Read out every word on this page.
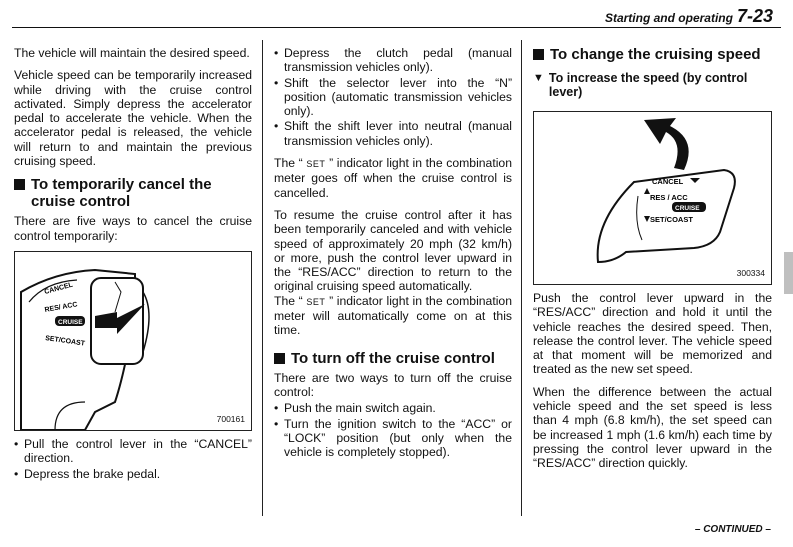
Starting and operating 7-23

The vehicle will maintain the desired speed.

Vehicle speed can be temporarily increased while driving with the cruise control activated. Simply depress the accelerator pedal to accelerate the vehicle. When the accelerator pedal is released, the vehicle will return to and maintain the previous cruising speed.

To temporarily cancel the cruise control

There are five ways to cancel the cruise control temporarily:

CANCEL
RES/ ACC
CRUISE
SET/COAST
700161
• Pull the control lever in the “CANCEL” direction.
• Depress the brake pedal.
• Depress the clutch pedal (manual transmission vehicles only).
• Shift the selector lever into the “N” position (automatic transmission vehicles only).
• Shift the shift lever into neutral (manual transmission vehicles only).

The “ SET ” indicator light in the combination meter goes off when the cruise control is cancelled.

To resume the cruise control after it has been temporarily canceled and with vehicle speed of approximately 20 mph (32 km/h) or more, push the control lever upward in the “RES/ACC” direction to return to the original cruising speed automatically.

The “ SET ” indicator light in the combination meter will automatically come on at this time.

To turn off the cruise control

There are two ways to turn off the cruise control:

• Push the main switch again.
• Turn the ignition switch to the “ACC” or “LOCK” position (but only when the vehicle is completely stopped).
To change the cruising speed
▼ To increase the speed (by control lever)
CANCEL
RES / ACC
CRUISE
SET/COAST
300334

Push the control lever upward in the “RES/ACC” direction and hold it until the vehicle reaches the desired speed. Then, release the control lever. The vehicle speed at that moment will be memorized and treated as the new set speed.

When the difference between the actual vehicle speed and the set speed is less than 4 mph (6.8 km/h), the set speed can be increased 1 mph (1.6 km/h) each time by pressing the control lever upward in the “RES/ACC” direction quickly.

– CONTINUED –
